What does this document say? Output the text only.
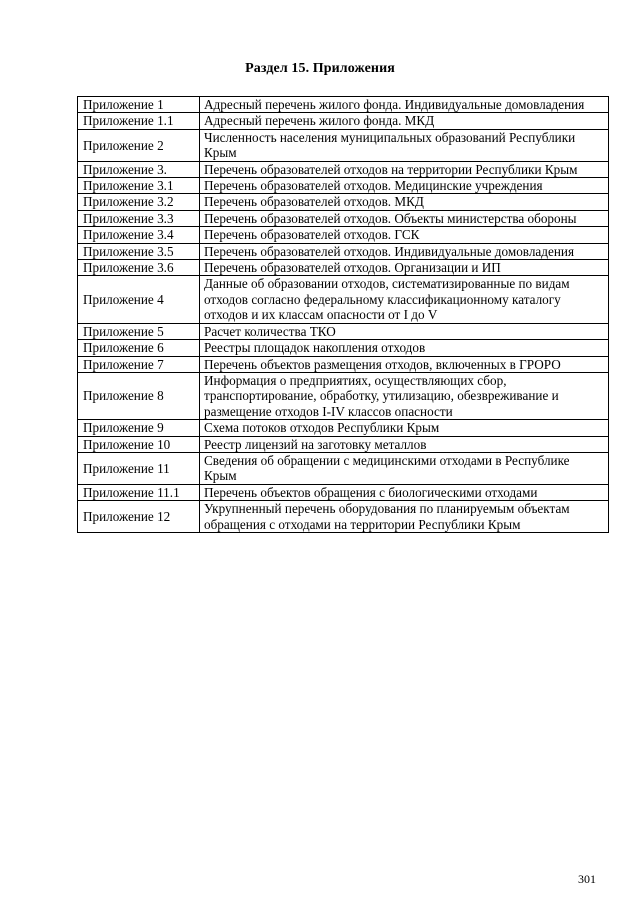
Раздел 15. Приложения
Приложение 1	Адресный перечень жилого фонда. Индивидуальные домовладения
Приложение 1.1	Адресный перечень жилого фонда. МКД
Приложение 2	Численность населения муниципальных образований Республики Крым
Приложение 3.	Перечень образователей отходов на территории Республики Крым
Приложение 3.1	Перечень образователей отходов. Медицинские учреждения
Приложение 3.2	Перечень образователей отходов. МКД
Приложение 3.3	Перечень образователей отходов. Объекты министерства обороны
Приложение 3.4	Перечень образователей отходов. ГСК
Приложение 3.5	Перечень образователей отходов. Индивидуальные домовладения
Приложение 3.6	Перечень образователей отходов. Организации и ИП
Приложение 4	Данные об образовании отходов, систематизированные по видам отходов согласно федеральному классификационному каталогу отходов и их классам опасности от I до V
Приложение 5	Расчет количества ТКО
Приложение 6	Реестры площадок накопления отходов
Приложение 7	Перечень объектов размещения отходов, включенных в ГРОРО
Приложение 8	Информация о предприятиях, осуществляющих сбор, транспортирование, обработку, утилизацию, обезвреживание и размещение отходов I-IV классов опасности
Приложение 9	Схема потоков отходов Республики Крым
Приложение 10	Реестр лицензий на заготовку металлов
Приложение 11	Сведения об обращении с медицинскими отходами в Республике Крым
Приложение 11.1	Перечень объектов обращения с биологическими отходами
Приложение 12	Укрупненный перечень оборудования по планируемым объектам обращения с отходами на территории Республики Крым
301
